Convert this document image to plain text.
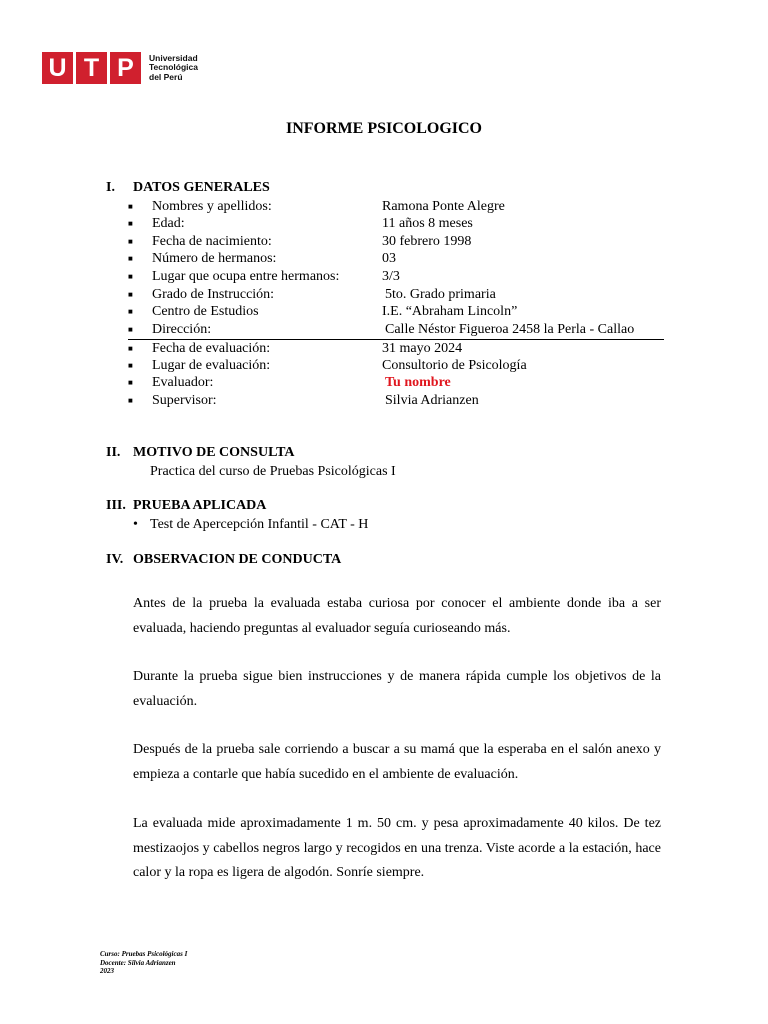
U T P	Universidad
Tecnológica
del Perú
INFORME PSICOLOGICO
I. DATOS GENERALES
■ Nombres y apellidos:	Ramona Ponte Alegre
■ Edad:	11 años 8 meses
■ Fecha de nacimiento:	30 febrero 1998
■ Número de hermanos:	03
■ Lugar que ocupa entre hermanos:	3/3
■ Grado de Instrucción:	5to. Grado primaria
■ Centro de Estudios	I.E. “Abraham Lincoln”
■ Dirección:	Calle Néstor Figueroa 2458 la Perla - Callao
■ Fecha de evaluación:	31 mayo 2024
■ Lugar de evaluación:	Consultorio de Psicología
■ Evaluador:	Tu nombre
■ Supervisor:	Silvia Adrianzen
II. MOTIVO DE CONSULTA
Practica del curso de Pruebas Psicológicas I
III. PRUEBA APLICADA
• Test de Apercepción Infantil - CAT - H
IV. OBSERVACION DE CONDUCTA
Antes de la prueba la evaluada estaba curiosa por conocer el ambiente donde iba a ser evaluada, haciendo preguntas al evaluador seguía curioseando más.
Durante la prueba sigue bien instrucciones y de manera rápida cumple los objetivos de la evaluación.
Después de la prueba sale corriendo a buscar a su mamá que la esperaba en el salón anexo y empieza a contarle que había sucedido en el ambiente de evaluación.
La evaluada mide aproximadamente 1 m. 50 cm. y pesa aproximadamente 40 kilos. De tez mestizaojos y cabellos negros largo y recogidos en una trenza. Viste acorde a la estación, hace calor y la ropa es ligera de algodón. Sonríe siempre.
Curso: Pruebas Psicológicas I
Docente: Silvia Adrianzen
2023
